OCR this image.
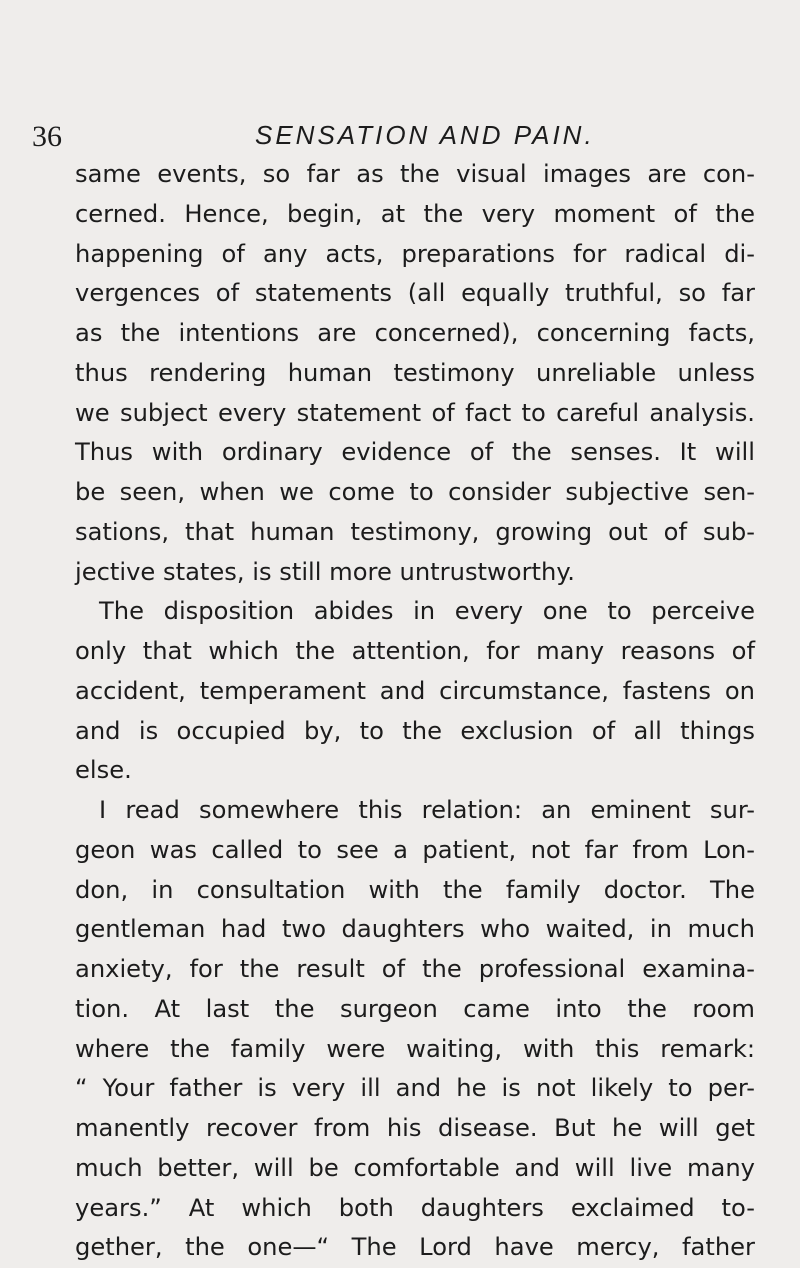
36	SENSATION AND PAIN.
same events, so far as the visual images are con-
cerned. Hence, begin, at the very moment of the
happening of any acts, preparations for radical di-
vergences of statements (all equally truthful, so far
as the intentions are concerned), concerning facts,
thus rendering human testimony unreliable unless
we subject every statement of fact to careful analysis.
Thus with ordinary evidence of the senses. It will
be seen, when we come to consider subjective sen-
sations, that human testimony, growing out of sub-
jective states, is still more untrustworthy.
The disposition abides in every one to perceive
only that which the attention, for many reasons of
accident, temperament and circumstance, fastens on
and is occupied by, to the exclusion of all things
else.
I read somewhere this relation: an eminent sur-
geon was called to see a patient, not far from Lon-
don, in consultation with the family doctor. The
gentleman had two daughters who waited, in much
anxiety, for the result of the professional examina-
tion. At last the surgeon came into the room
where the family were waiting, with this remark:
“ Your father is very ill and he is not likely to per-
manently recover from his disease. But he will get
much better, will be comfortable and will live many
years.” At which both daughters exclaimed to-
gether, the one—“ The Lord have mercy, father
